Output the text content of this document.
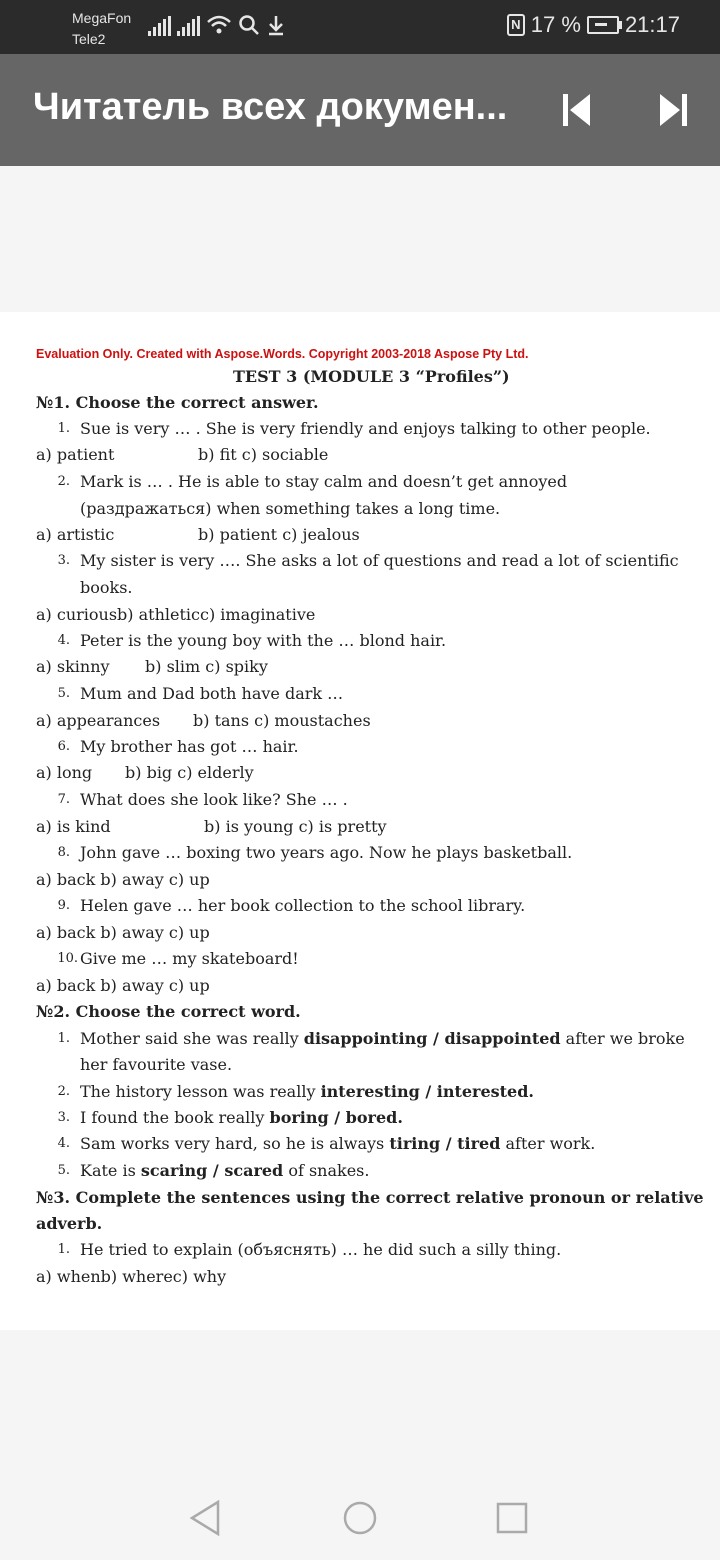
MegaFon
Tele2
N 17 % 21:17
Читатель всех докумен...
Evaluation Only. Created with Aspose.Words. Copyright 2003-2018 Aspose Pty Ltd.
TEST 3 (MODULE 3 “Profiles”)
№1. Choose the correct answer.
1. Sue is very … . She is very friendly and enjoys talking to other people.
a) patient	b) fit c) sociable
2. Mark is … . He is able to stay calm and doesn’t get annoyed
(раздражаться) when something takes a long time.
a) artistic	b) patient c) jealous
3. My sister is very …. She asks a lot of questions and read a lot of scientific
books.
a) curiousb) athleticc) imaginative
4. Peter is the young boy with the … blond hair.
a) skinny b) slim c) spiky
5. Mum and Dad both have dark …
a) appearances b) tans c) moustaches
6. My brother has got … hair.
a) long b) big c) elderly
7. What does she look like? She … .
a) is kind	b) is young c) is pretty
8. John gave … boxing two years ago. Now he plays basketball.
a) back b) away c) up
9. Helen gave … her book collection to the school library.
a) back b) away c) up
10. Give me … my skateboard!
a) back b) away c) up
№2. Choose the correct word.
1. Mother said she was really disappointing / disappointed after we broke
her favourite vase.
2. The history lesson was really interesting / interested.
3. I found the book really boring / bored.
4. Sam works very hard, so he is always tiring / tired after work.
5. Kate is scaring / scared of snakes.
№3. Complete the sentences using the correct relative pronoun or relative
adverb.
1. He tried to explain (объяснять) … he did such a silly thing.
a) whenb) wherec) why
